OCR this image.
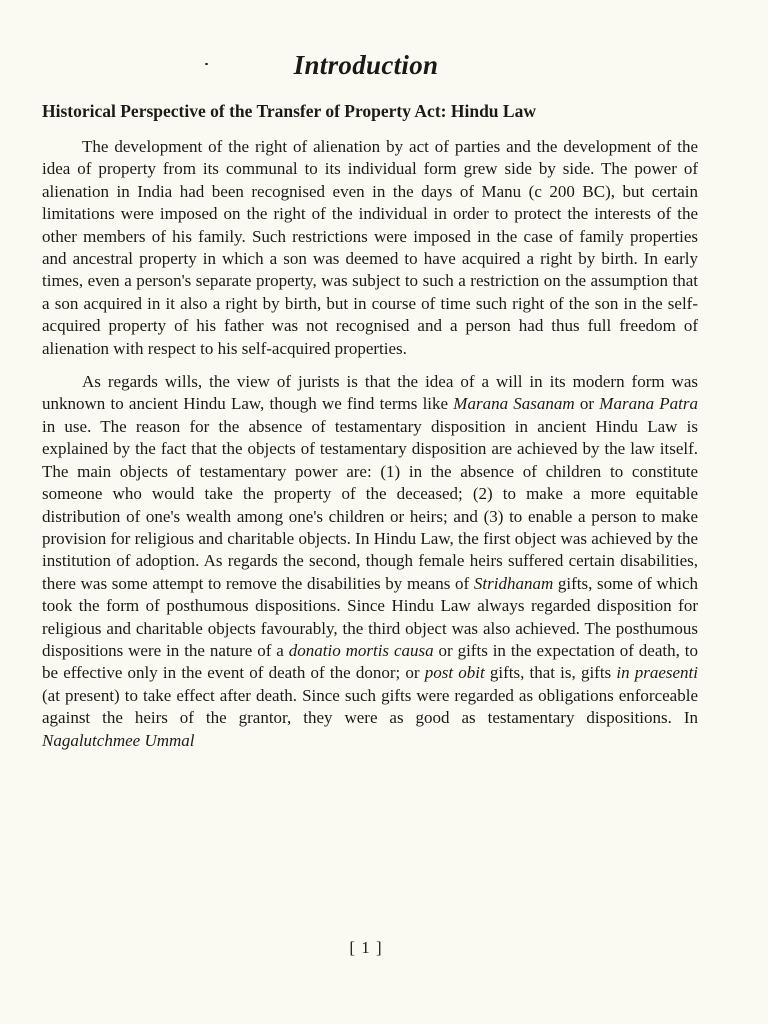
Introduction
Historical Perspective of the Transfer of Property Act: Hindu Law

The development of the right of alienation by act of parties and the development of the idea of property from its communal to its individual form grew side by side. The power of alienation in India had been recognised even in the days of Manu (c 200 BC), but certain limitations were imposed on the right of the individual in order to protect the interests of the other members of his family. Such restrictions were imposed in the case of family properties and ancestral property in which a son was deemed to have acquired a right by birth. In early times, even a person's separate property, was subject to such a restriction on the assumption that a son acquired in it also a right by birth, but in course of time such right of the son in the self-acquired property of his father was not recognised and a person had thus full freedom of alienation with respect to his self-acquired properties.

As regards wills, the view of jurists is that the idea of a will in its modern form was unknown to ancient Hindu Law, though we find terms like Marana Sasanam or Marana Patra in use. The reason for the absence of testamentary disposition in ancient Hindu Law is explained by the fact that the objects of testamentary disposition are achieved by the law itself. The main objects of testamentary power are: (1) in the absence of children to constitute someone who would take the property of the deceased; (2) to make a more equitable distribution of one's wealth among one's children or heirs; and (3) to enable a person to make provision for religious and charitable objects. In Hindu Law, the first object was achieved by the institution of adoption. As regards the second, though female heirs suffered certain disabilities, there was some attempt to remove the disabilities by means of Stridhanam gifts, some of which took the form of posthumous dispositions. Since Hindu Law always regarded disposition for religious and charitable objects favourably, the third object was also achieved. The posthumous dispositions were in the nature of a donatio mortis causa or gifts in the expectation of death, to be effective only in the event of death of the donor; or post obit gifts, that is, gifts in praesenti (at present) to take effect after death. Since such gifts were regarded as obligations enforceable against the heirs of the grantor, they were as good as testamentary dispositions. In Nagalutchmee Ummal

[ 1 ]
